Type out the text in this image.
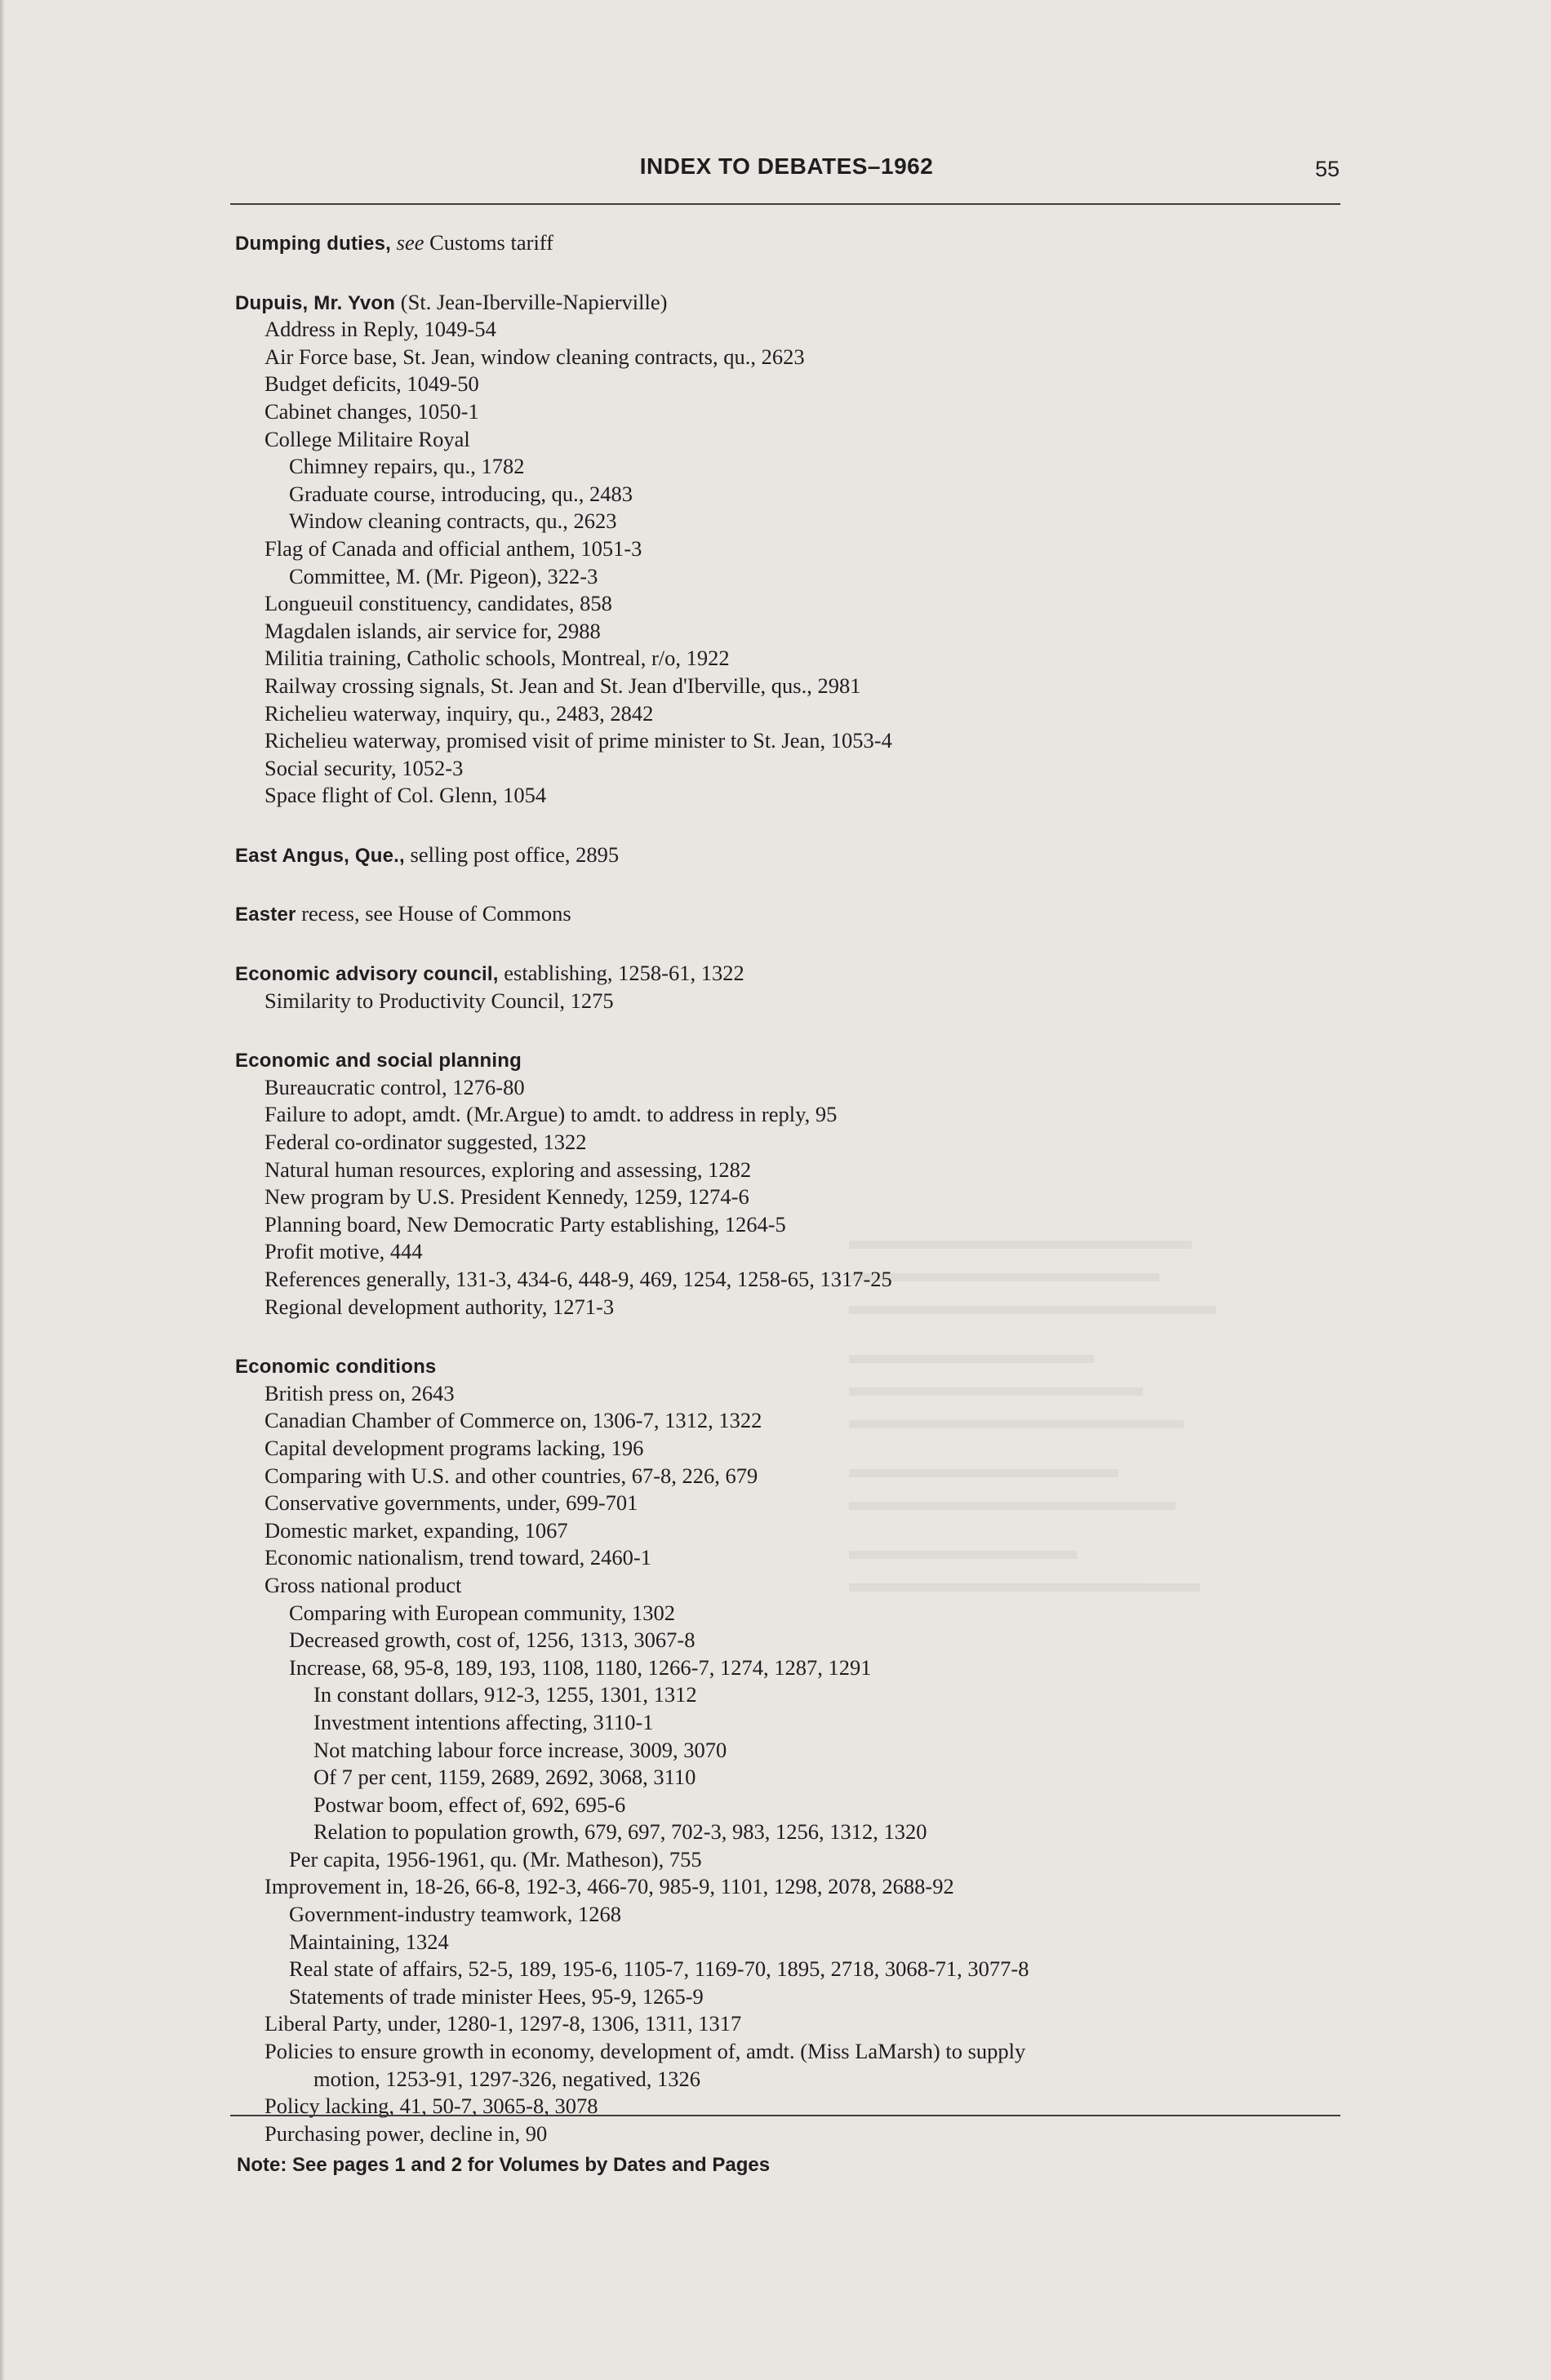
INDEX TO DEBATES–1962	55
Dumping duties, see Customs tariff
Dupuis, Mr. Yvon (St. Jean-Iberville-Napierville)
Address in Reply, 1049-54
Air Force base, St. Jean, window cleaning contracts, qu., 2623
Budget deficits, 1049-50
Cabinet changes, 1050-1
College Militaire Royal
Chimney repairs, qu., 1782
Graduate course, introducing, qu., 2483
Window cleaning contracts, qu., 2623
Flag of Canada and official anthem, 1051-3
Committee, M. (Mr. Pigeon), 322-3
Longueuil constituency, candidates, 858
Magdalen islands, air service for, 2988
Militia training, Catholic schools, Montreal, r/o, 1922
Railway crossing signals, St. Jean and St. Jean d'Iberville, qus., 2981
Richelieu waterway, inquiry, qu., 2483, 2842
Richelieu waterway, promised visit of prime minister to St. Jean, 1053-4
Social security, 1052-3
Space flight of Col. Glenn, 1054
East Angus, Que., selling post office, 2895
Easter recess, see House of Commons
Economic advisory council, establishing, 1258-61, 1322
Similarity to Productivity Council, 1275
Economic and social planning
Bureaucratic control, 1276-80
Failure to adopt, amdt. (Mr.Argue) to amdt. to address in reply, 95
Federal co-ordinator suggested, 1322
Natural human resources, exploring and assessing, 1282
New program by U.S. President Kennedy, 1259, 1274-6
Planning board, New Democratic Party establishing, 1264-5
Profit motive, 444
References generally, 131-3, 434-6, 448-9, 469, 1254, 1258-65, 1317-25
Regional development authority, 1271-3
Economic conditions
British press on, 2643
Canadian Chamber of Commerce on, 1306-7, 1312, 1322
Capital development programs lacking, 196
Comparing with U.S. and other countries, 67-8, 226, 679
Conservative governments, under, 699-701
Domestic market, expanding, 1067
Economic nationalism, trend toward, 2460-1
Gross national product
Comparing with European community, 1302
Decreased growth, cost of, 1256, 1313, 3067-8
Increase, 68, 95-8, 189, 193, 1108, 1180, 1266-7, 1274, 1287, 1291
In constant dollars, 912-3, 1255, 1301, 1312
Investment intentions affecting, 3110-1
Not matching labour force increase, 3009, 3070
Of 7 per cent, 1159, 2689, 2692, 3068, 3110
Postwar boom, effect of, 692, 695-6
Relation to population growth, 679, 697, 702-3, 983, 1256, 1312, 1320
Per capita, 1956-1961, qu. (Mr. Matheson), 755
Improvement in, 18-26, 66-8, 192-3, 466-70, 985-9, 1101, 1298, 2078, 2688-92
Government-industry teamwork, 1268
Maintaining, 1324
Real state of affairs, 52-5, 189, 195-6, 1105-7, 1169-70, 1895, 2718, 3068-71, 3077-8
Statements of trade minister Hees, 95-9, 1265-9
Liberal Party, under, 1280-1, 1297-8, 1306, 1311, 1317
Policies to ensure growth in economy, development of, amdt. (Miss LaMarsh) to supply
motion, 1253-91, 1297-326, negatived, 1326
Policy lacking, 41, 50-7, 3065-8, 3078
Purchasing power, decline in, 90
Note: See pages 1 and 2 for Volumes by Dates and Pages
